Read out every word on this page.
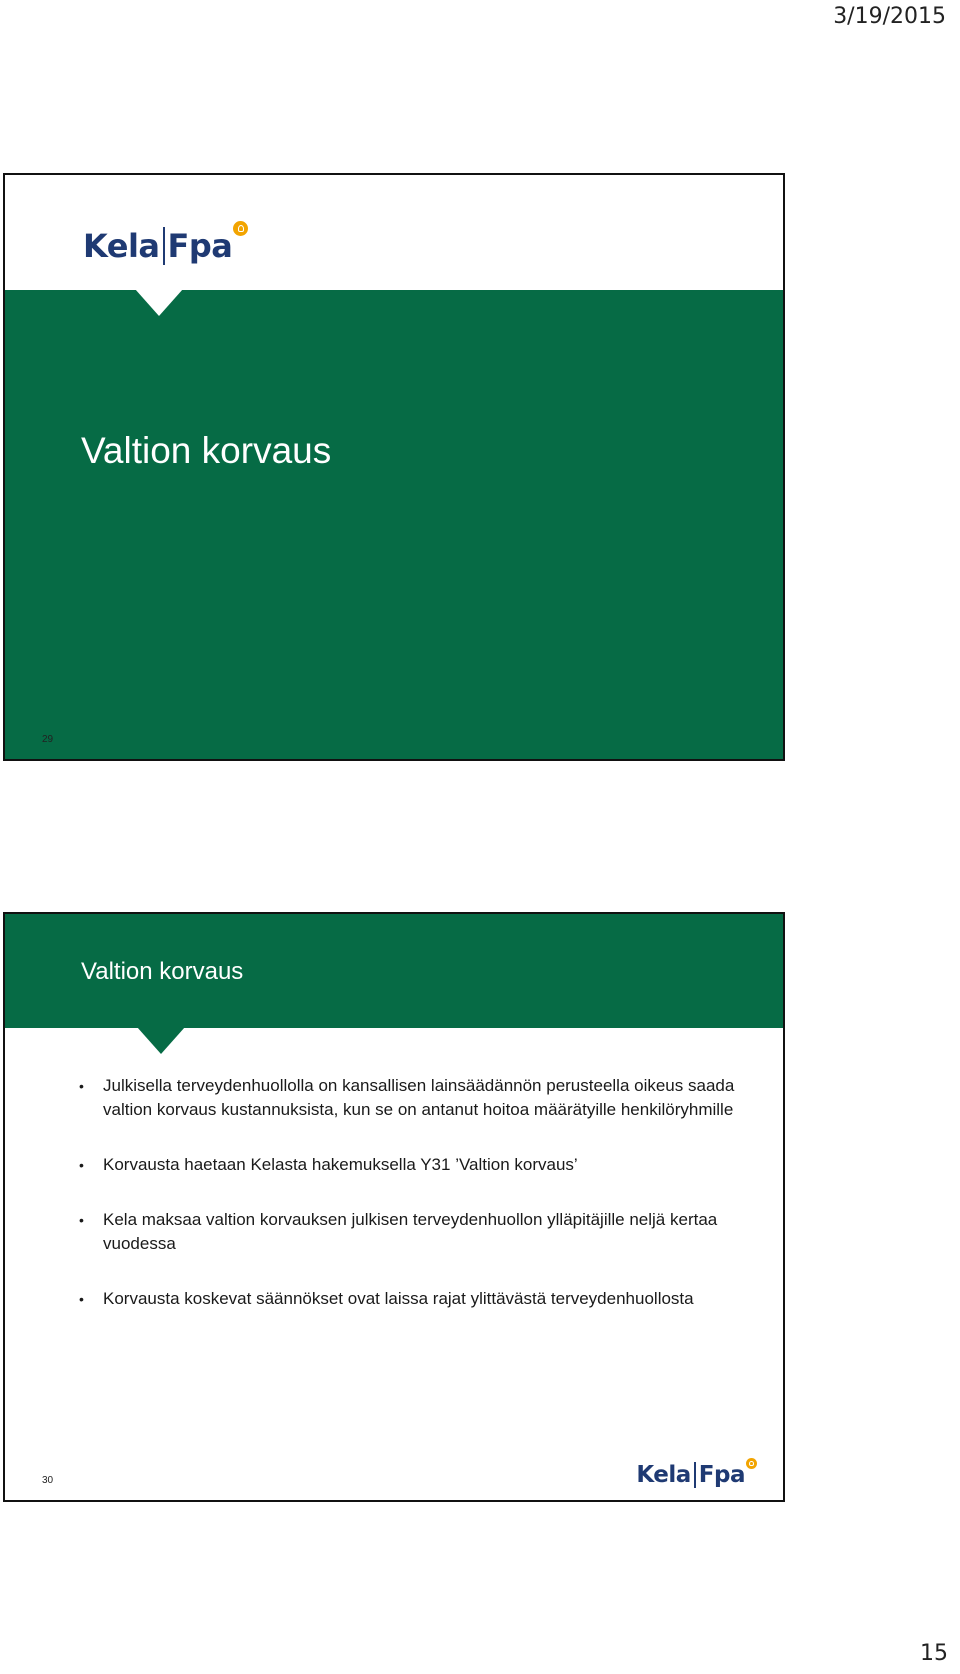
3/19/2015
Kela Fpa
Valtion korvaus
29
Valtion korvaus
• Julkisella terveydenhuollolla on kansallisen lainsäädännön perusteella oikeus saada valtion korvaus kustannuksista, kun se on antanut hoitoa määrätyille henkilöryhmille
• Korvausta haetaan Kelasta hakemuksella Y31 ’Valtion korvaus’
• Kela maksaa valtion korvauksen julkisen terveydenhuollon ylläpitäjille neljä kertaa vuodessa
• Korvausta koskevat säännökset ovat laissa rajat ylittävästä terveydenhuollosta
30	Kela Fpa
15
